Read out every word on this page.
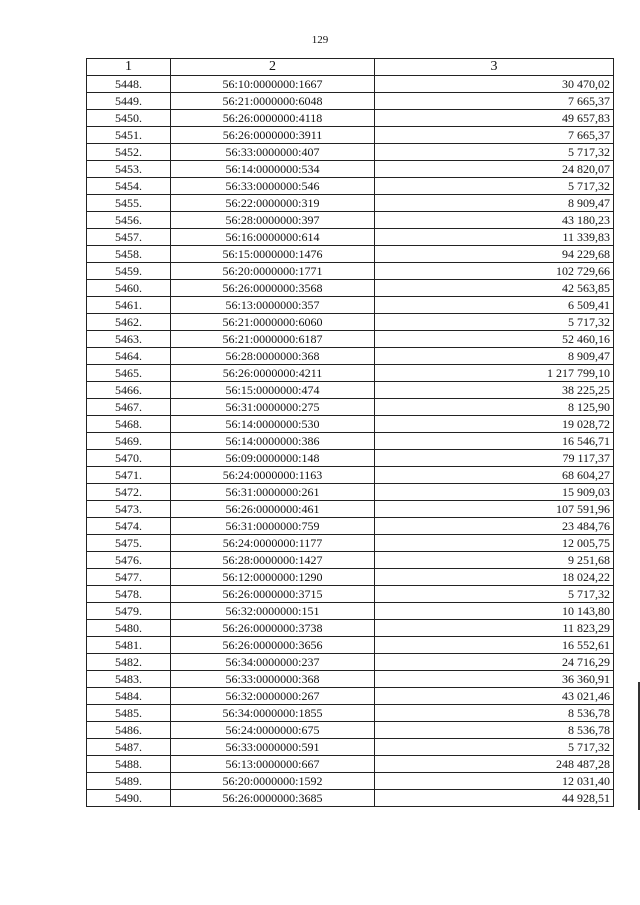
129
1	2	3
5448.	56:10:0000000:1667	30 470,02
5449.	56:21:0000000:6048	7 665,37
5450.	56:26:0000000:4118	49 657,83
5451.	56:26:0000000:3911	7 665,37
5452.	56:33:0000000:407	5 717,32
5453.	56:14:0000000:534	24 820,07
5454.	56:33:0000000:546	5 717,32
5455.	56:22:0000000:319	8 909,47
5456.	56:28:0000000:397	43 180,23
5457.	56:16:0000000:614	11 339,83
5458.	56:15:0000000:1476	94 229,68
5459.	56:20:0000000:1771	102 729,66
5460.	56:26:0000000:3568	42 563,85
5461.	56:13:0000000:357	6 509,41
5462.	56:21:0000000:6060	5 717,32
5463.	56:21:0000000:6187	52 460,16
5464.	56:28:0000000:368	8 909,47
5465.	56:26:0000000:4211	1 217 799,10
5466.	56:15:0000000:474	38 225,25
5467.	56:31:0000000:275	8 125,90
5468.	56:14:0000000:530	19 028,72
5469.	56:14:0000000:386	16 546,71
5470.	56:09:0000000:148	79 117,37
5471.	56:24:0000000:1163	68 604,27
5472.	56:31:0000000:261	15 909,03
5473.	56:26:0000000:461	107 591,96
5474.	56:31:0000000:759	23 484,76
5475.	56:24:0000000:1177	12 005,75
5476.	56:28:0000000:1427	9 251,68
5477.	56:12:0000000:1290	18 024,22
5478.	56:26:0000000:3715	5 717,32
5479.	56:32:0000000:151	10 143,80
5480.	56:26:0000000:3738	11 823,29
5481.	56:26:0000000:3656	16 552,61
5482.	56:34:0000000:237	24 716,29
5483.	56:33:0000000:368	36 360,91
5484.	56:32:0000000:267	43 021,46
5485.	56:34:0000000:1855	8 536,78
5486.	56:24:0000000:675	8 536,78
5487.	56:33:0000000:591	5 717,32
5488.	56:13:0000000:667	248 487,28
5489.	56:20:0000000:1592	12 031,40
5490.	56:26:0000000:3685	44 928,51
